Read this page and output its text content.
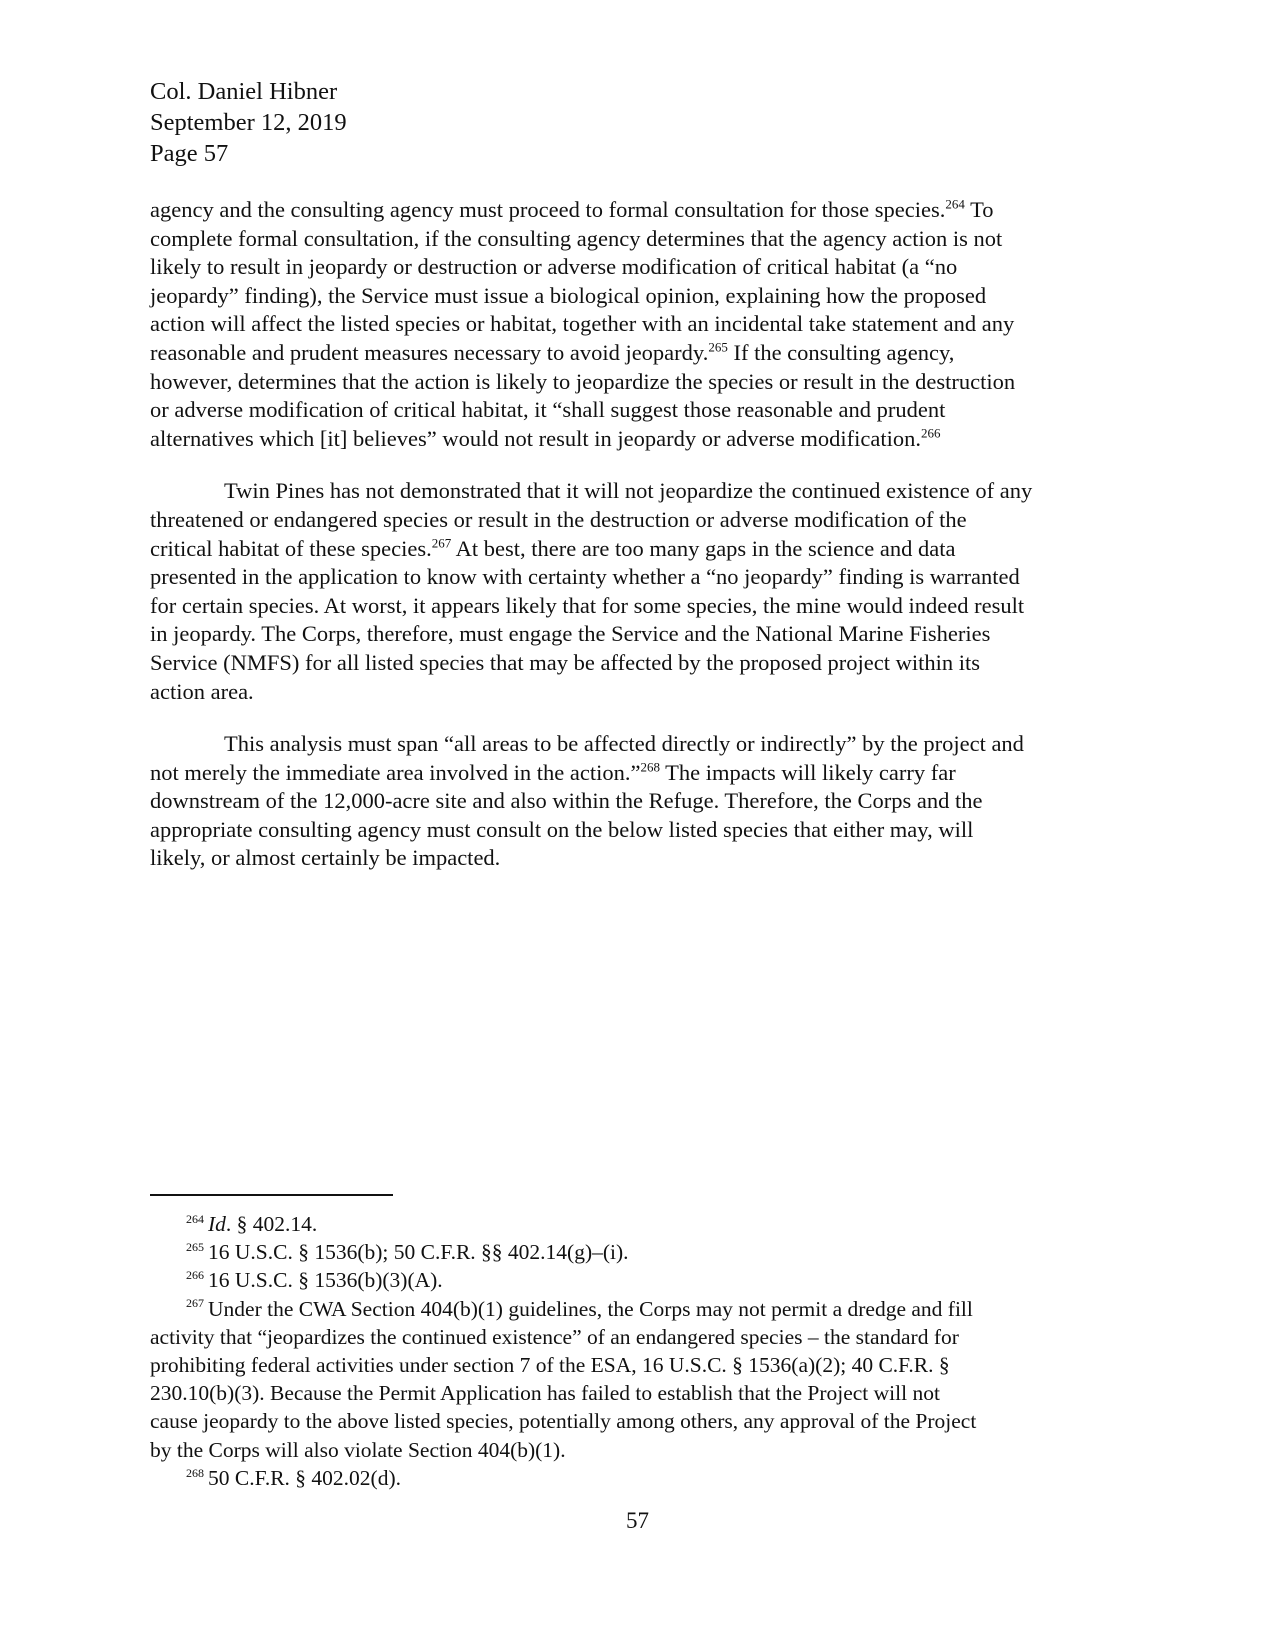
Col. Daniel Hibner
September 12, 2019
Page 57

agency and the consulting agency must proceed to formal consultation for those species.$^{264}$ To
complete formal consultation, if the consulting agency determines that the agency action is not
likely to result in jeopardy or destruction or adverse modification of critical habitat (a “no
jeopardy” finding), the Service must issue a biological opinion, explaining how the proposed
action will affect the listed species or habitat, together with an incidental take statement and any
reasonable and prudent measures necessary to avoid jeopardy.$^{265}$ If the consulting agency,
however, determines that the action is likely to jeopardize the species or result in the destruction
or adverse modification of critical habitat, it “shall suggest those reasonable and prudent
alternatives which [it] believes” would not result in jeopardy or adverse modification.$^{266}$

Twin Pines has not demonstrated that it will not jeopardize the continued existence of any
threatened or endangered species or result in the destruction or adverse modification of the
critical habitat of these species.$^{267}$ At best, there are too many gaps in the science and data
presented in the application to know with certainty whether a “no jeopardy” finding is warranted
for certain species. At worst, it appears likely that for some species, the mine would indeed result
in jeopardy. The Corps, therefore, must engage the Service and the National Marine Fisheries
Service (NMFS) for all listed species that may be affected by the proposed project within its
action area.

This analysis must span “all areas to be affected directly or indirectly” by the project and
not merely the immediate area involved in the action.”$^{268}$ The impacts will likely carry far
downstream of the 12,000-acre site and also within the Refuge. Therefore, the Corps and the
appropriate consulting agency must consult on the below listed species that either may, will
likely, or almost certainly be impacted.

$^{264}$ Id. § 402.14.
$^{265}$ 16 U.S.C. § 1536(b); 50 C.F.R. §§ 402.14(g)–(i).
$^{266}$ 16 U.S.C. § 1536(b)(3)(A).
$^{267}$ Under the CWA Section 404(b)(1) guidelines, the Corps may not permit a dredge and fill
activity that “jeopardizes the continued existence” of an endangered species – the standard for
prohibiting federal activities under section 7 of the ESA, 16 U.S.C. § 1536(a)(2); 40 C.F.R. §
230.10(b)(3). Because the Permit Application has failed to establish that the Project will not
cause jeopardy to the above listed species, potentially among others, any approval of the Project
by the Corps will also violate Section 404(b)(1).
$^{268}$ 50 C.F.R. § 402.02(d).
57
